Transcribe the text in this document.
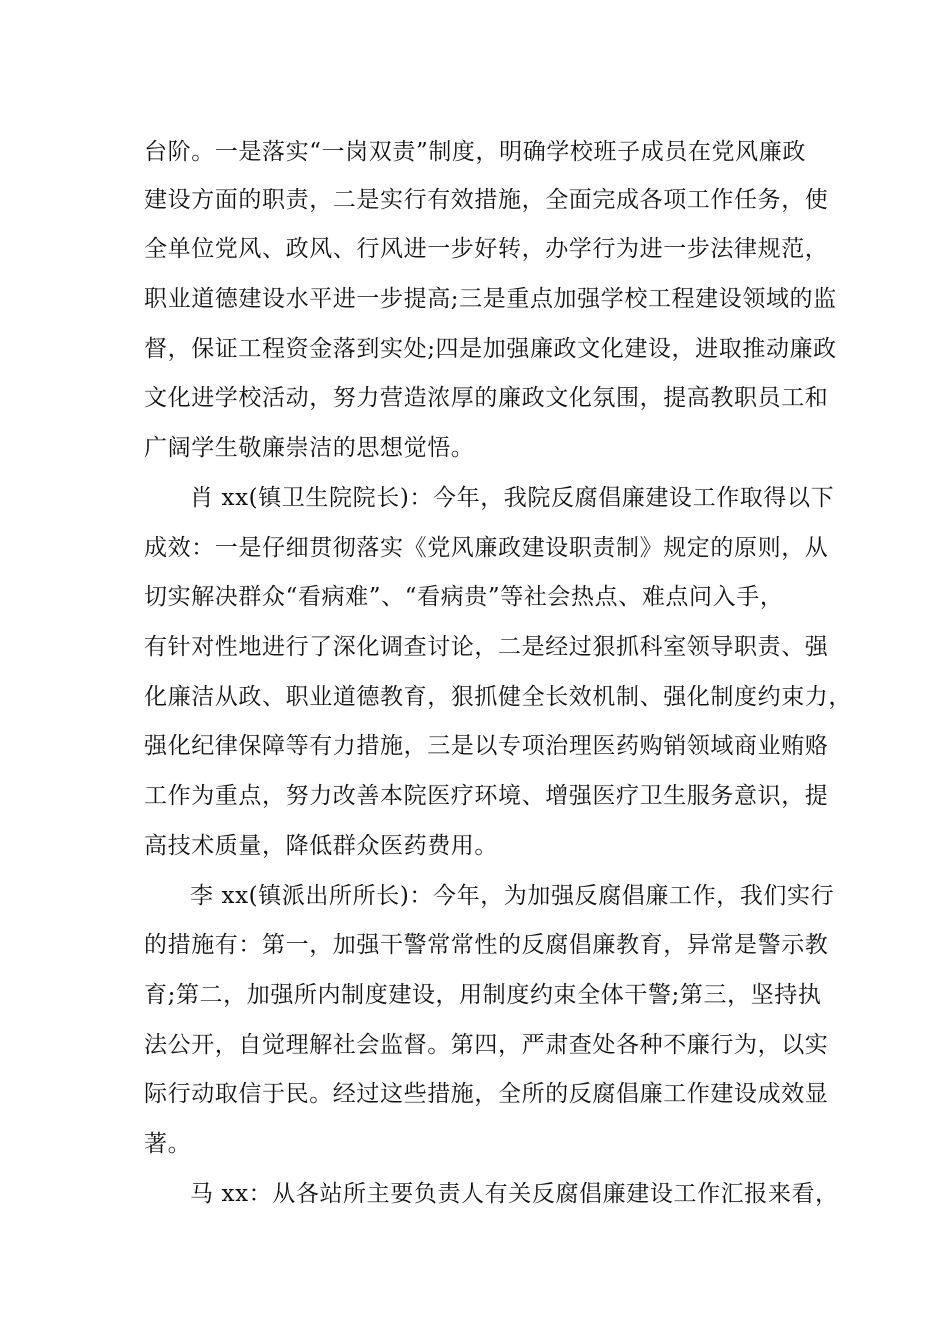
台阶。一是落实“一岗双责”制度，明确学校班子成员在党风廉政
建设方面的职责，二是实行有效措施，全面完成各项工作任务，使
全单位党风、政风、行风进一步好转，办学行为进一步法律规范，
职业道德建设水平进一步提高;三是重点加强学校工程建设领域的监
督，保证工程资金落到实处;四是加强廉政文化建设，进取推动廉政
文化进学校活动，努力营造浓厚的廉政文化氛围，提高教职员工和
广阔学生敬廉崇洁的思想觉悟。
肖 xx(镇卫生院院长)：今年，我院反腐倡廉建设工作取得以下
成效：一是仔细贯彻落实《党风廉政建设职责制》规定的原则，从
切实解决群众“看病难”、“看病贵”等社会热点、难点问入手，
有针对性地进行了深化调查讨论，二是经过狠抓科室领导职责、强
化廉洁从政、职业道德教育，狠抓健全长效机制、强化制度约束力，
强化纪律保障等有力措施，三是以专项治理医药购销领域商业贿赂
工作为重点，努力改善本院医疗环境、增强医疗卫生服务意识，提
高技术质量，降低群众医药费用。
李 xx(镇派出所所长)：今年，为加强反腐倡廉工作，我们实行
的措施有：第一，加强干警常常性的反腐倡廉教育，异常是警示教
育;第二，加强所内制度建设，用制度约束全体干警;第三，坚持执
法公开，自觉理解社会监督。第四，严肃查处各种不廉行为，以实
际行动取信于民。经过这些措施，全所的反腐倡廉工作建设成效显
著。
马 xx：从各站所主要负责人有关反腐倡廉建设工作汇报来看，
